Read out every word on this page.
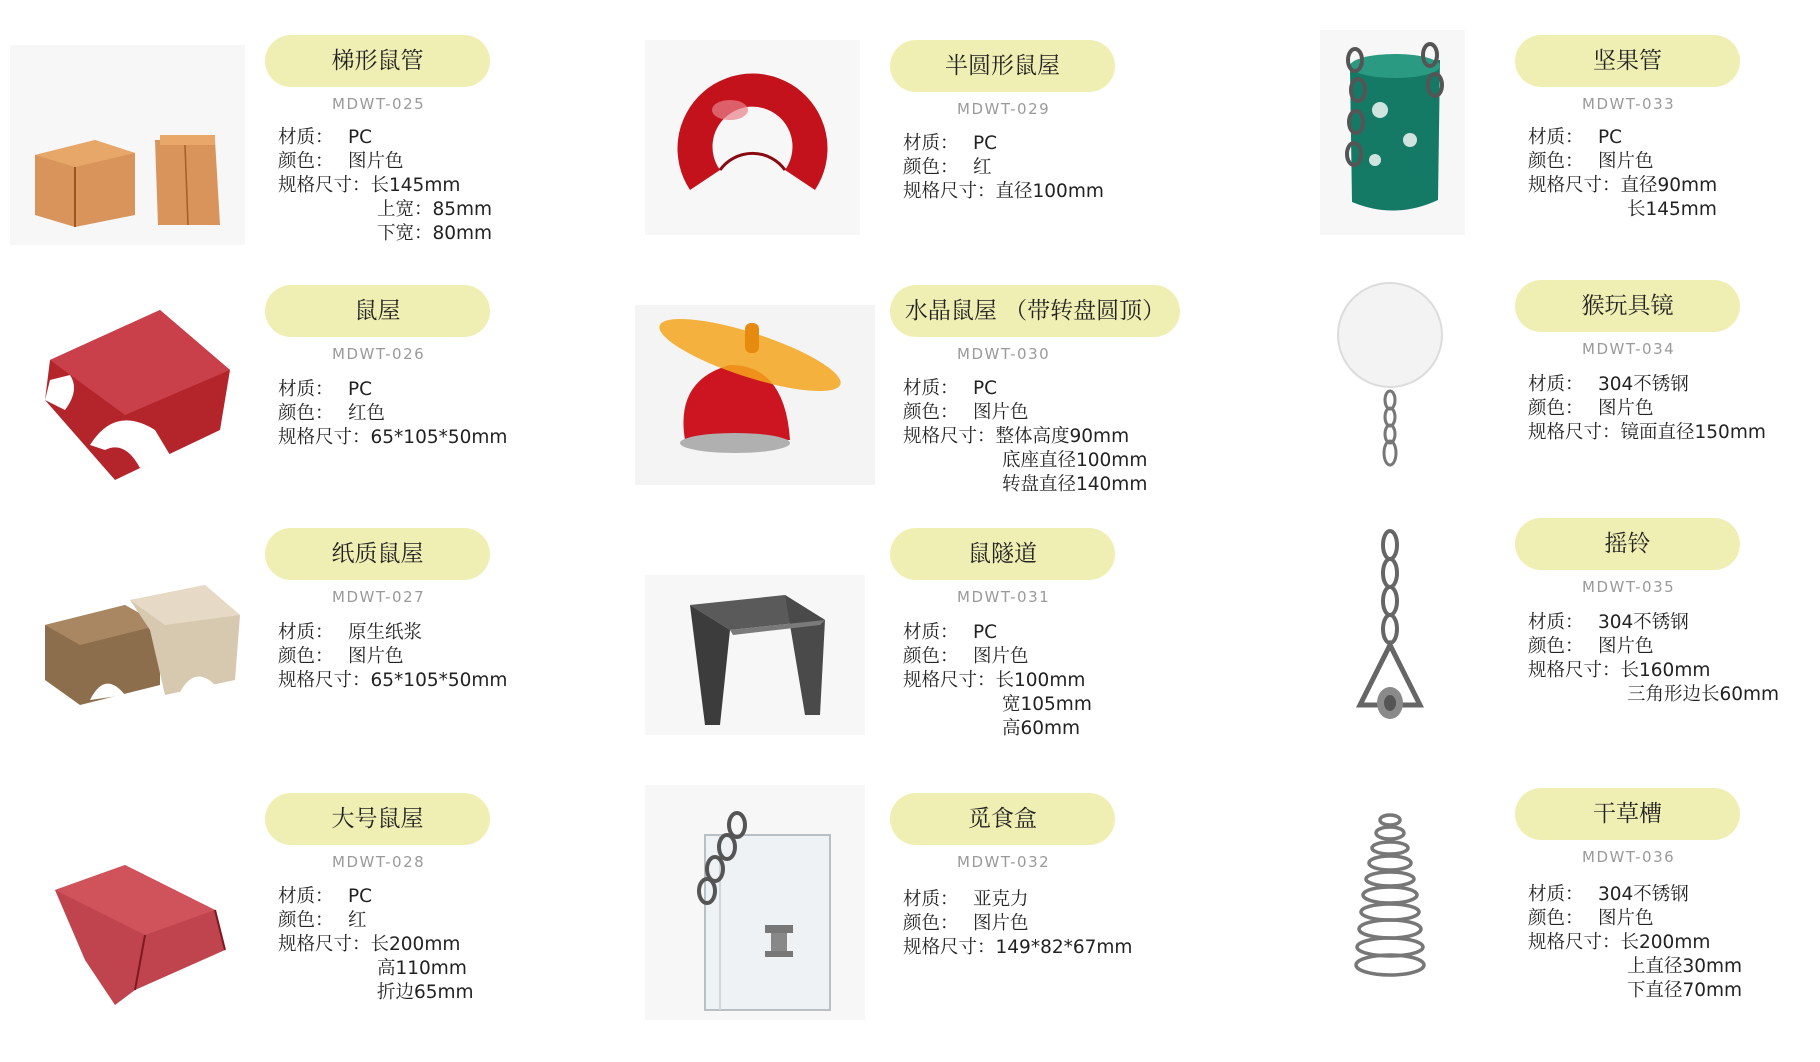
梯形鼠管
MDWT-025
材质： PC
颜色： 图片色
规格尺寸： 长145mm
上宽：85mm
下宽：80mm
鼠屋
MDWT-026
材质： PC
颜色： 红色
规格尺寸： 65*105*50mm
纸质鼠屋
MDWT-027
材质： 原生纸浆
颜色： 图片色
规格尺寸： 65*105*50mm
大号鼠屋
MDWT-028
材质： PC
颜色： 红
规格尺寸： 长200mm
高110mm
折边65mm
半圆形鼠屋
MDWT-029
材质： PC
颜色： 红
规格尺寸： 直径100mm
水晶鼠屋 （带转盘圆顶）
MDWT-030
材质： PC
颜色： 图片色
规格尺寸： 整体高度90mm
底座直径100mm
转盘直径140mm
鼠隧道
MDWT-031
材质： PC
颜色： 图片色
规格尺寸： 长100mm
宽105mm
高60mm
觅食盒
MDWT-032
材质： 亚克力
颜色： 图片色
规格尺寸： 149*82*67mm
坚果管
MDWT-033
材质： PC
颜色： 图片色
规格尺寸： 直径90mm
长145mm
猴玩具镜
MDWT-034
材质： 304不锈钢
颜色： 图片色
规格尺寸： 镜面直径150mm
摇铃
MDWT-035
材质： 304不锈钢
颜色： 图片色
规格尺寸： 长160mm
三角形边长60mm
干草槽
MDWT-036
材质： 304不锈钢
颜色： 图片色
规格尺寸： 长200mm
上直径30mm
下直径70mm
